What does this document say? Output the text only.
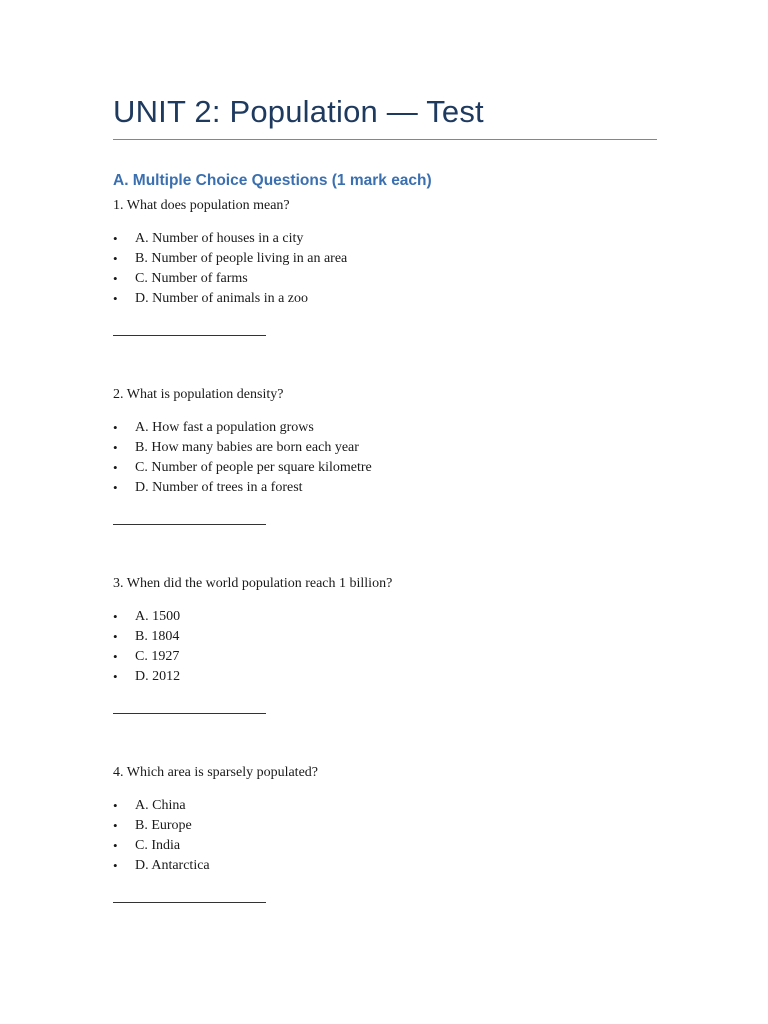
UNIT 2: Population — Test
A. Multiple Choice Questions (1 mark each)
1. What does population mean?
• A. Number of houses in a city
• B. Number of people living in an area
• C. Number of farms
• D. Number of animals in a zoo
2. What is population density?
• A. How fast a population grows
• B. How many babies are born each year
• C. Number of people per square kilometre
• D. Number of trees in a forest
3. When did the world population reach 1 billion?
• A. 1500
• B. 1804
• C. 1927
• D. 2012
4. Which area is sparsely populated?
• A. China
• B. Europe
• C. India
• D. Antarctica
